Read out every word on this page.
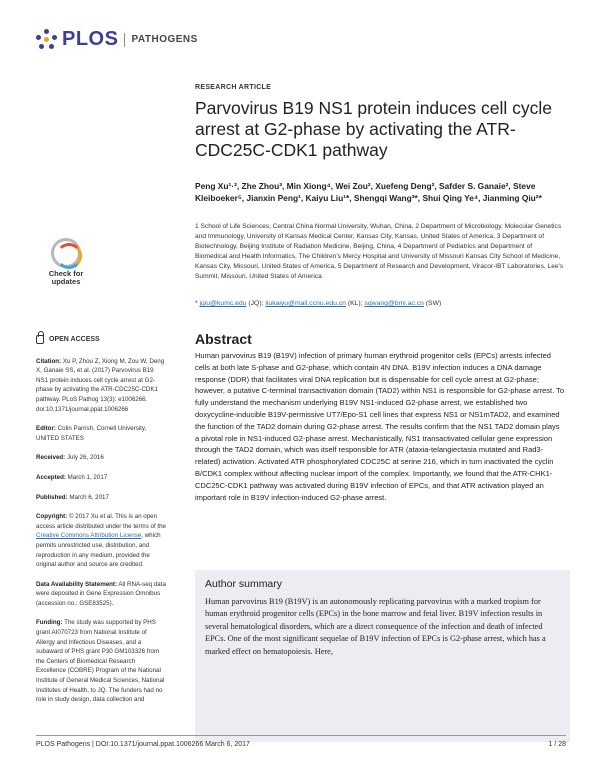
PLOS PATHOGENS
Check for
updates
OPEN ACCESS
Citation: Xu P, Zhou Z, Xiong M, Zou W, Deng X, Ganaie SS, et al. (2017) Parvovirus B19 NS1 protein induces cell cycle arrest at G2-phase by activating the ATR-CDC25C-CDK1 pathway. PLoS Pathog 13(3): e1006266. doi:10.1371/journal.ppat.1006266
Editor: Colin Parrish, Cornell University, UNITED STATES
Received: July 26, 2016
Accepted: March 1, 2017
Published: March 6, 2017
Copyright: © 2017 Xu et al. This is an open access article distributed under the terms of the Creative Commons Attribution License, which permits unrestricted use, distribution, and reproduction in any medium, provided the original author and source are credited.
Data Availability Statement: All RNA-seq data were deposited in Gene Expression Omnibus (accession no.: GSE83525).
Funding: The study was supported by PHS grant AI070723 from National Institute of Allergy and Infectious Diseases, and a subaward of PHS grant P30 GM103326 from the Centers of Biomedical Research Excellence (COBRE) Program of the National Institute of General Medical Sciences, National Institutes of Health, to JQ. The funders had no role in study design, data collection and
RESEARCH ARTICLE
Parvovirus B19 NS1 protein induces cell cycle arrest at G2-phase by activating the ATR-CDC25C-CDK1 pathway
Peng Xu¹·², Zhe Zhou³, Min Xiong⁴, Wei Zou², Xuefeng Deng², Safder S. Ganaie², Steve Kleiboeker⁵, Jianxin Peng¹, Kaiyu Liu¹*, Shengqi Wang³*, Shui Qing Ye⁴, Jianming Qiu²*
1 School of Life Sciences, Central China Normal University, Wuhan, China, 2 Department of Microbiology, Molecular Genetics and Immunology, University of Kansas Medical Center, Kansas City, Kansas, United States of America, 3 Department of Biotechnology, Beijing Institute of Radiation Medicine, Beijing, China, 4 Department of Pediatrics and Department of Biomedical and Health Informatics, The Children's Mercy Hospital and University of Missouri Kansas City School of Medicine, Kansas City, Missouri, United States of America, 5 Department of Research and Development, Viracor-IBT Laboratories, Lee's Summit, Missouri, United States of America
* jqiu@kumc.edu (JQ); liukaiyu@mail.ccnu.edu.cn (KL); sqwang@bmi.ac.cn (SW)
Abstract

Human parvovirus B19 (B19V) infection of primary human erythroid progenitor cells (EPCs) arrests infected cells at both late S-phase and G2-phase, which contain 4N DNA. B19V infection induces a DNA damage response (DDR) that facilitates viral DNA replication but is dispensable for cell cycle arrest at G2-phase; however, a putative C-terminal transactivation domain (TAD2) within NS1 is responsible for G2-phase arrest. To fully understand the mechanism underlying B19V NS1-induced G2-phase arrest, we established two doxycycline-inducible B19V-permissive UT7/Epo-S1 cell lines that express NS1 or NS1mTAD2, and examined the function of the TAD2 domain during G2-phase arrest. The results confirm that the NS1 TAD2 domain plays a pivotal role in NS1-induced G2-phase arrest. Mechanistically, NS1 transactivated cellular gene expression through the TAD2 domain, which was itself responsible for ATR (ataxia-telangiectasia mutated and Rad3-related) activation. Activated ATR phosphorylated CDC25C at serine 216, which in turn inactivated the cyclin B/CDK1 complex without affecting nuclear import of the complex. Importantly, we found that the ATR-CHK1-CDC25C-CDK1 pathway was activated during B19V infection of EPCs, and that ATR activation played an important role in B19V infection-induced G2-phase arrest.

Author summary

Human parvovirus B19 (B19V) is an autonomously replicating parvovirus with a marked tropism for human erythroid progenitor cells (EPCs) in the bone marrow and fetal liver. B19V infection results in several hematological disorders, which are a direct consequence of the infection and death of infected EPCs. One of the most significant sequelae of B19V infection of EPCs is G2-phase arrest, which has a marked effect on hematopoiesis. Here,

PLOS Pathogens | DOI:10.1371/journal.ppat.1006266 March 6, 2017	1 / 28
